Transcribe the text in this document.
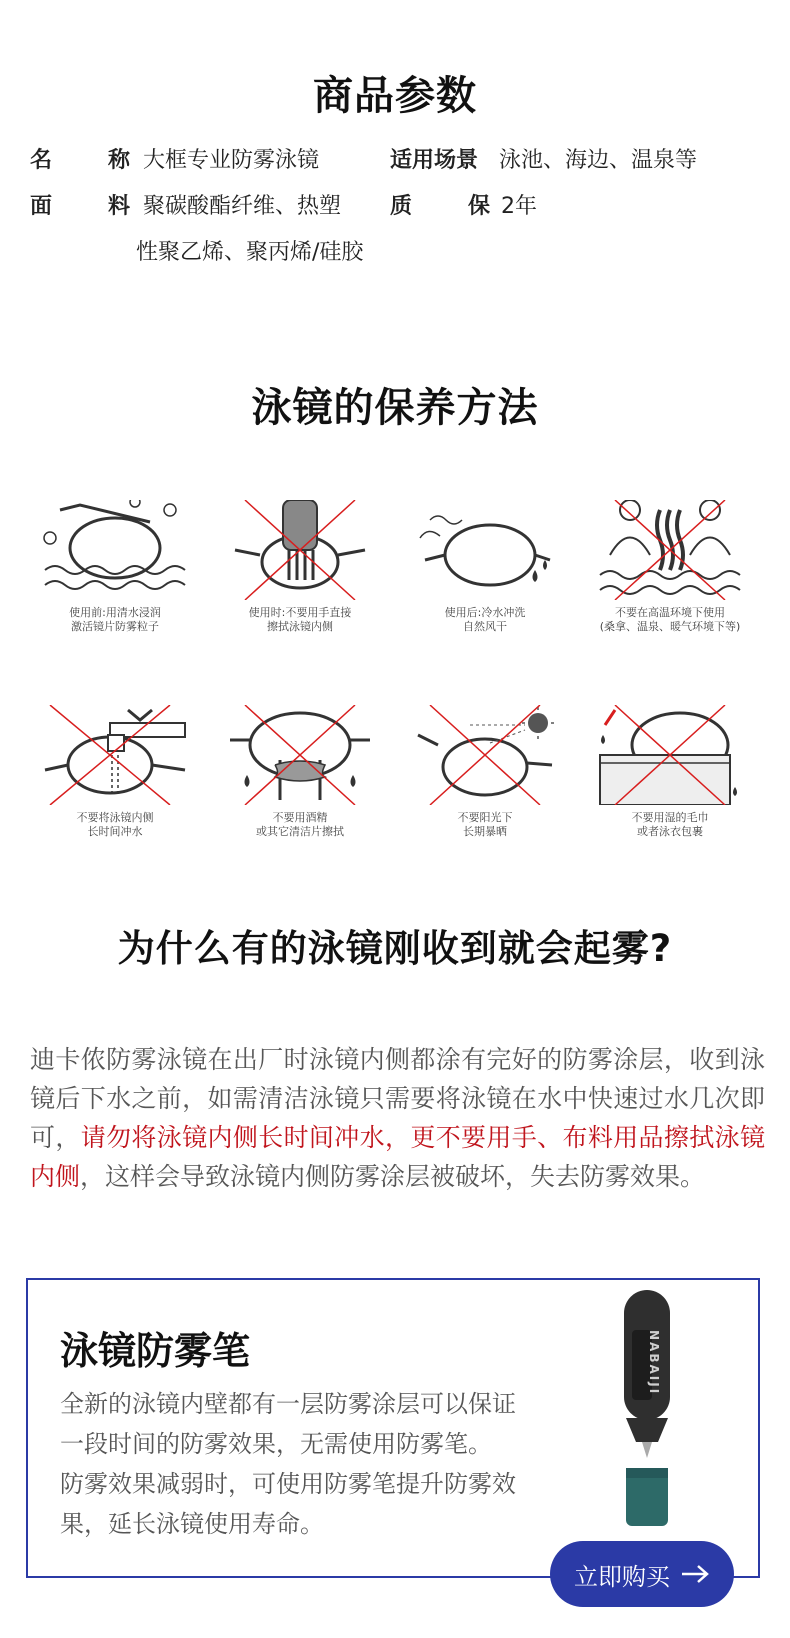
商品参数
名称 大框专业防雾泳镜	适用场景 泳池、海边、温泉等
面料 聚碳酸酯纤维、热塑
性聚乙烯、聚丙烯/硅胶
质保 2年
泳镜的保养方法
使用前:用清水浸润
激活镜片防雾粒子
使用时:不要用手直接
擦拭泳镜内侧
使用后:冷水冲洗
自然风干
不要在高温环境下使用
(桑拿、温泉、暖气环境下等)
不要将泳镜内侧
长时间冲水
不要用酒精
或其它清洁片擦拭
不要阳光下
长期暴晒
不要用湿的毛巾
或者泳衣包裹
为什么有的泳镜刚收到就会起雾?
迪卡侬防雾泳镜在出厂时泳镜内侧都涂有完好的防雾涂层，收到泳镜后下水之前，如需清洁泳镜只需要将泳镜在水中快速过水几次即可，请勿将泳镜内侧长时间冲水，更不要用手、布料用品擦拭泳镜内侧，这样会导致泳镜内侧防雾涂层被破坏，失去防雾效果。
泳镜防雾笔
全新的泳镜内壁都有一层防雾涂层可以保证
一段时间的防雾效果，无需使用防雾笔。
防雾效果减弱时，可使用防雾笔提升防雾效
果，延长泳镜使用寿命。
NABAIJI
立即购买
